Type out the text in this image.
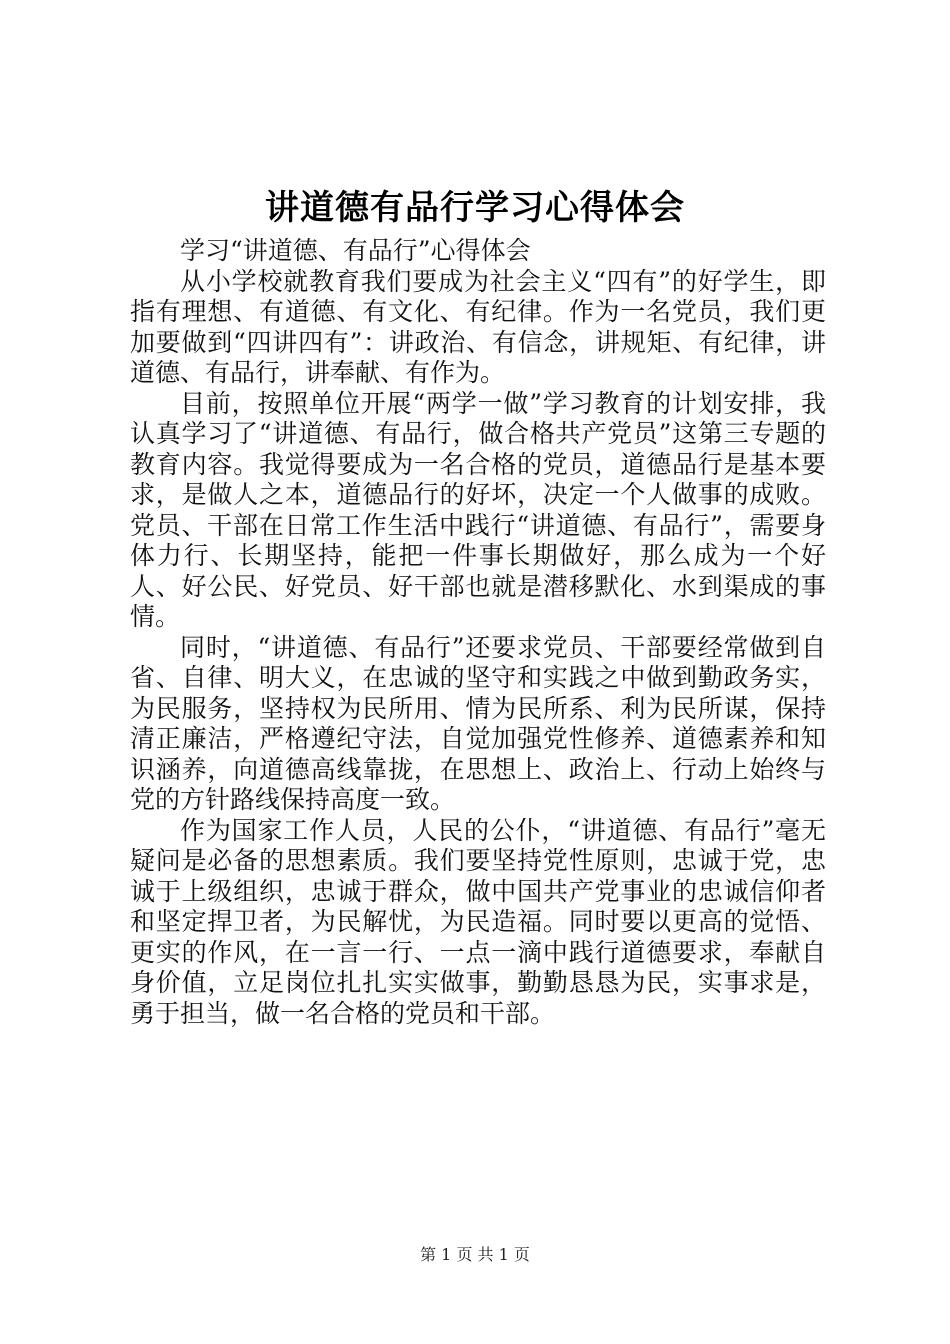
讲道德有品行学习心得体会

学习“讲道德、有品行”心得体会

从小学校就教育我们要成为社会主义“四有”的好学生，即指有理想、有道德、有文化、有纪律。作为一名党员，我们更加要做到“四讲四有”：讲政治、有信念，讲规矩、有纪律，讲道德、有品行，讲奉献、有作为。

目前，按照单位开展“两学一做”学习教育的计划安排，我认真学习了“讲道德、有品行，做合格共产党员”这第三专题的教育内容。我觉得要成为一名合格的党员，道德品行是基本要求，是做人之本，道德品行的好坏，决定一个人做事的成败。党员、干部在日常工作生活中践行“讲道德、有品行”，需要身体力行、长期坚持，能把一件事长期做好，那么成为一个好人、好公民、好党员、好干部也就是潜移默化、水到渠成的事情。

同时，“讲道德、有品行”还要求党员、干部要经常做到自省、自律、明大义，在忠诚的坚守和实践之中做到勤政务实，为民服务，坚持权为民所用、情为民所系、利为民所谋，保持清正廉洁，严格遵纪守法，自觉加强党性修养、道德素养和知识涵养，向道德高线靠拢，在思想上、政治上、行动上始终与党的方针路线保持高度一致。

作为国家工作人员，人民的公仆，“讲道德、有品行”毫无疑问是必备的思想素质。我们要坚持党性原则，忠诚于党，忠诚于上级组织，忠诚于群众，做中国共产党事业的忠诚信仰者和坚定捍卫者，为民解忧，为民造福。同时要以更高的觉悟、更实的作风，在一言一行、一点一滴中践行道德要求，奉献自身价值，立足岗位扎扎实实做事，勤勤恳恳为民，实事求是，勇于担当，做一名合格的党员和干部。

第 1 页 共 1 页
